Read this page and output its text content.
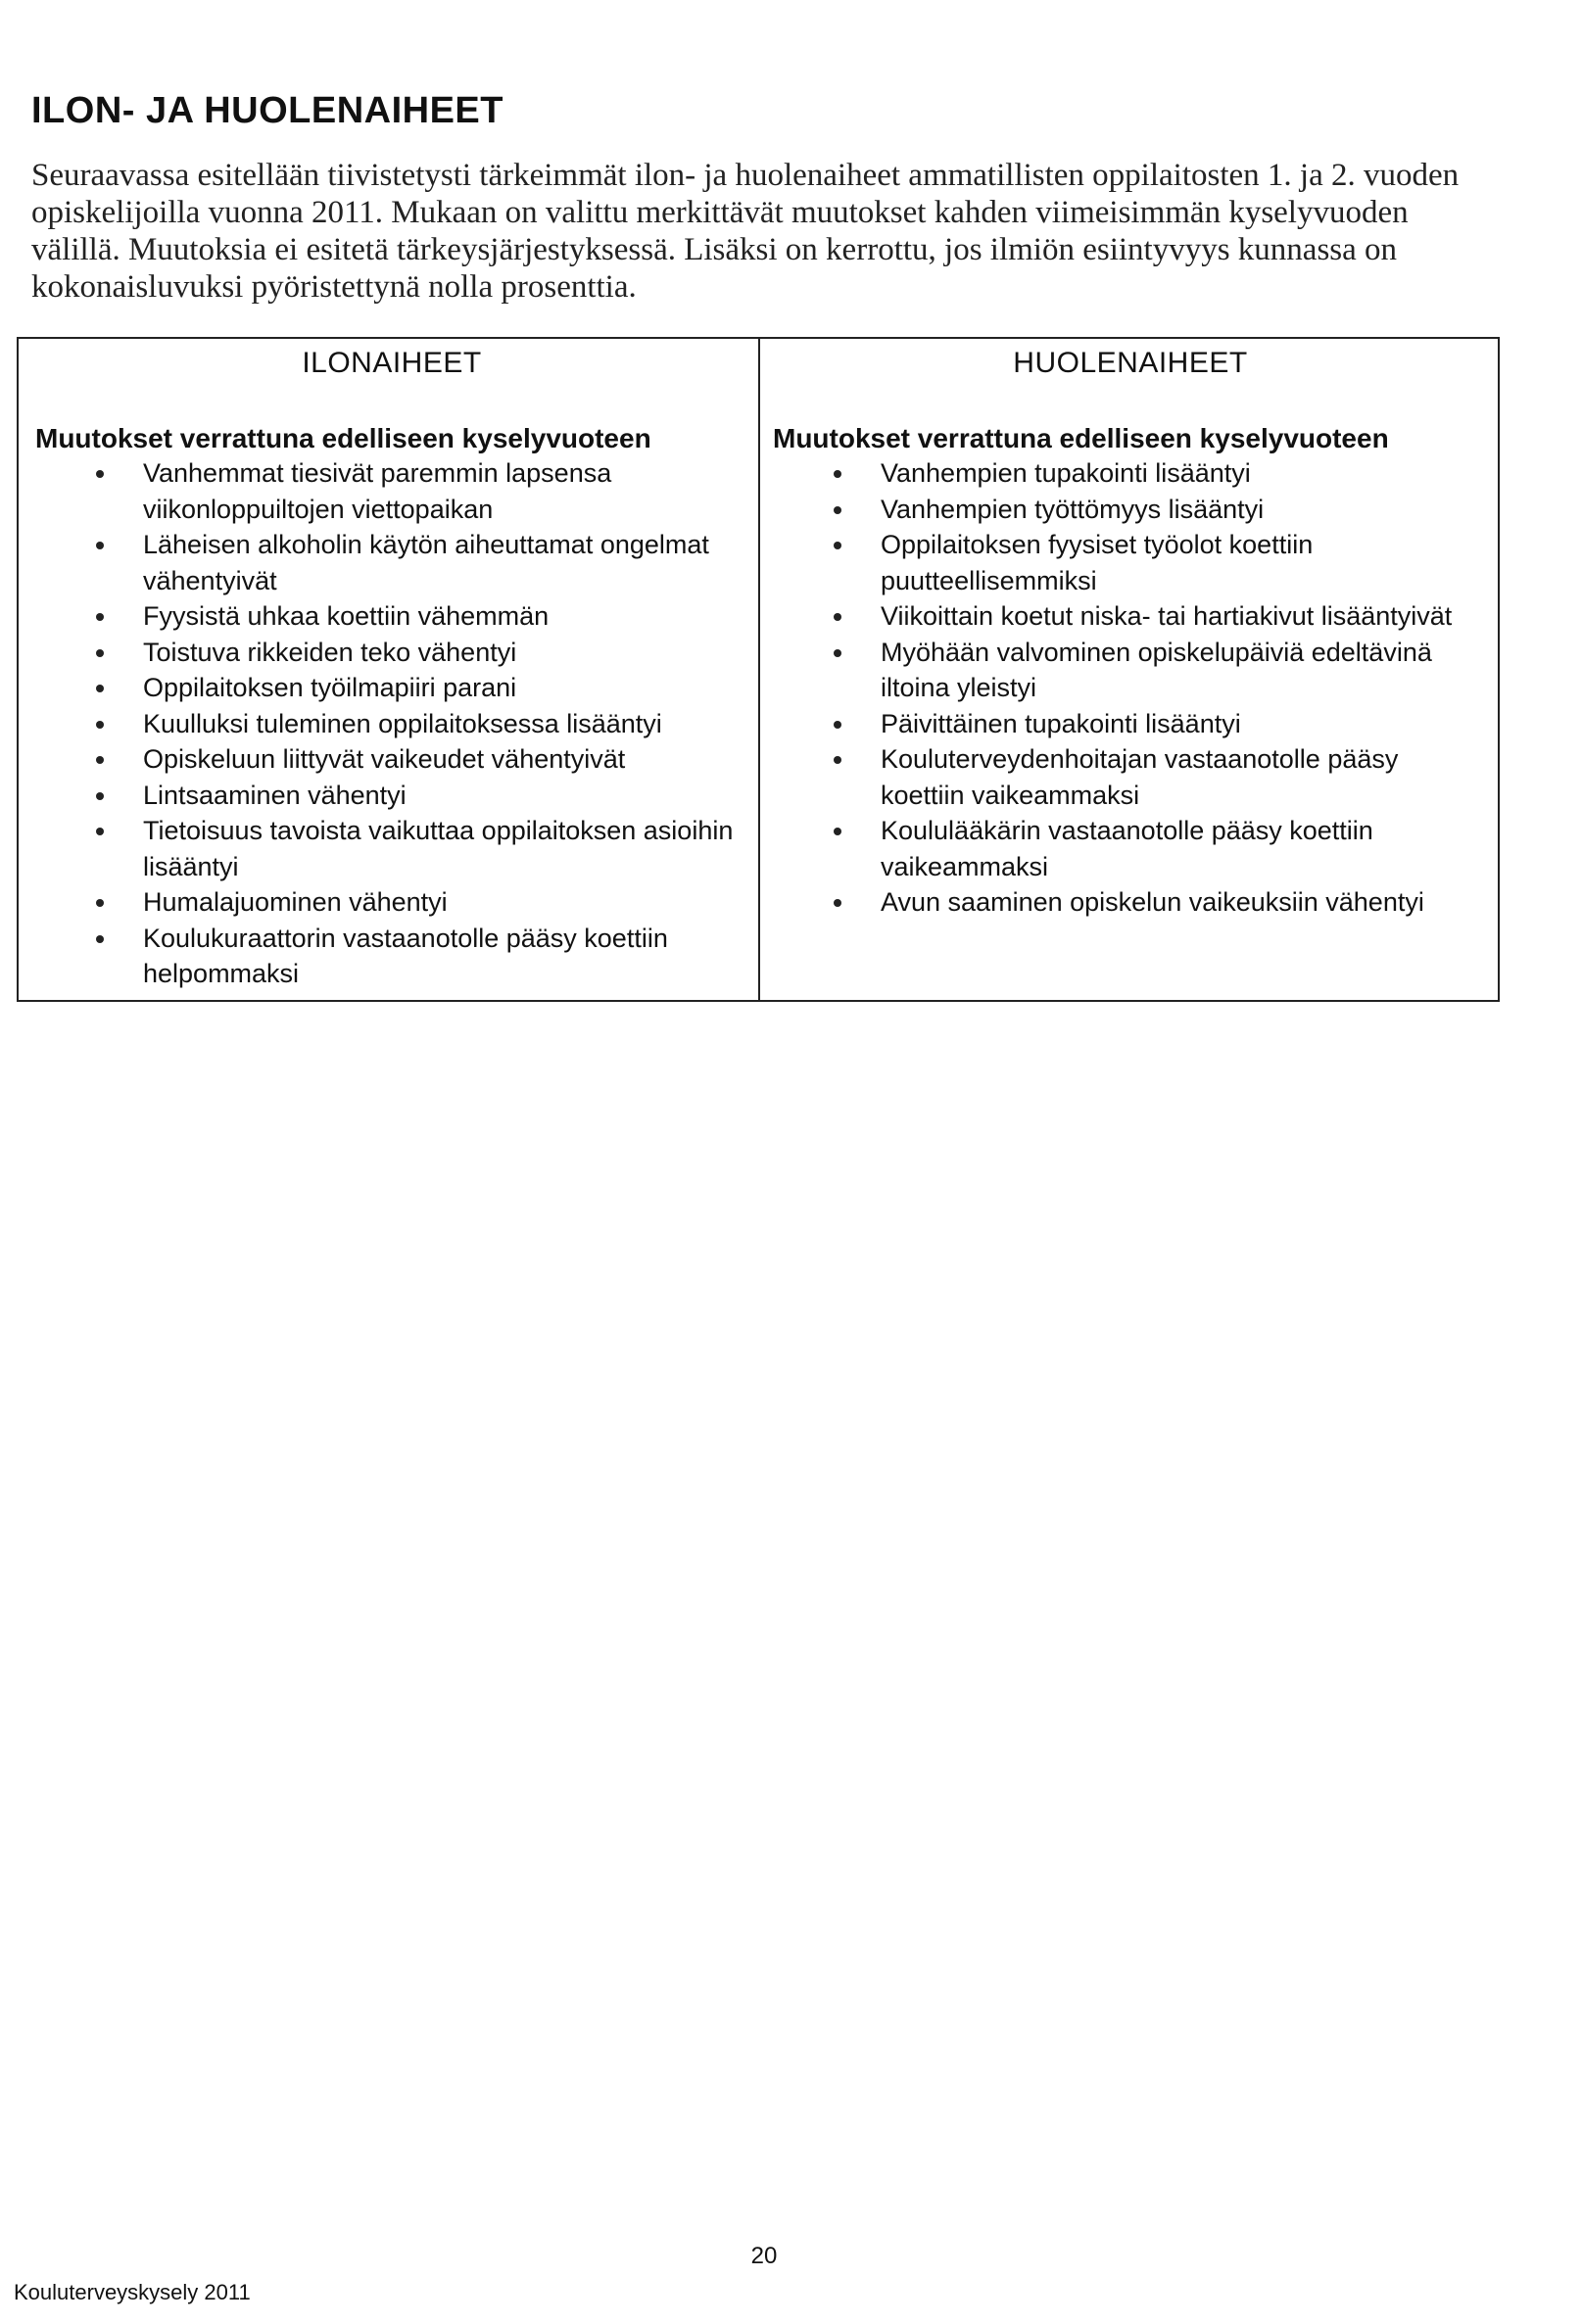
ILON- JA HUOLENAIHEET

Seuraavassa esitellään tiivistetysti tärkeimmät ilon- ja huolenaiheet ammatillisten oppilaitosten 1. ja 2. vuoden opiskelijoilla vuonna 2011. Mukaan on valittu merkittävät muutokset kahden viimeisimmän kyselyvuoden välillä. Muutoksia ei esitetä tärkeysjärjestyksessä. Lisäksi on kerrottu, jos ilmiön esiintyvyys kunnassa on kokonaisluvuksi pyöristettynä nolla prosenttia.

ILONAIHEET
Muutokset verrattuna edelliseen kyselyvuoteen
Vanhemmat tiesivät paremmin lapsensa viikonloppuiltojen viettopaikan
Läheisen alkoholin käytön aiheuttamat ongelmat vähentyivät
Fyysistä uhkaa koettiin vähemmän
Toistuva rikkeiden teko vähentyi
Oppilaitoksen työilmapiiri parani
Kuulluksi tuleminen oppilaitoksessa lisääntyi
Opiskeluun liittyvät vaikeudet vähentyivät
Lintsaaminen vähentyi
Tietoisuus tavoista vaikuttaa oppilaitoksen asioihin lisääntyi
Humalajuominen vähentyi
Koulukuraattorin vastaanotolle pääsy koettiin helpommaksi
HUOLENAIHEET
Muutokset verrattuna edelliseen kyselyvuoteen
Vanhempien tupakointi lisääntyi
Vanhempien työttömyys lisääntyi
Oppilaitoksen fyysiset työolot koettiin puutteellisemmiksi
Viikoittain koetut niska- tai hartiakivut lisääntyivät
Myöhään valvominen opiskelupäiviä edeltävinä iltoina yleistyi
Päivittäinen tupakointi lisääntyi
Kouluterveydenhoitajan vastaanotolle pääsy koettiin vaikeammaksi
Koululääkärin vastaanotolle pääsy koettiin vaikeammaksi
Avun saaminen opiskelun vaikeuksiin vähentyi
20
Kouluterveyskysely 2011
